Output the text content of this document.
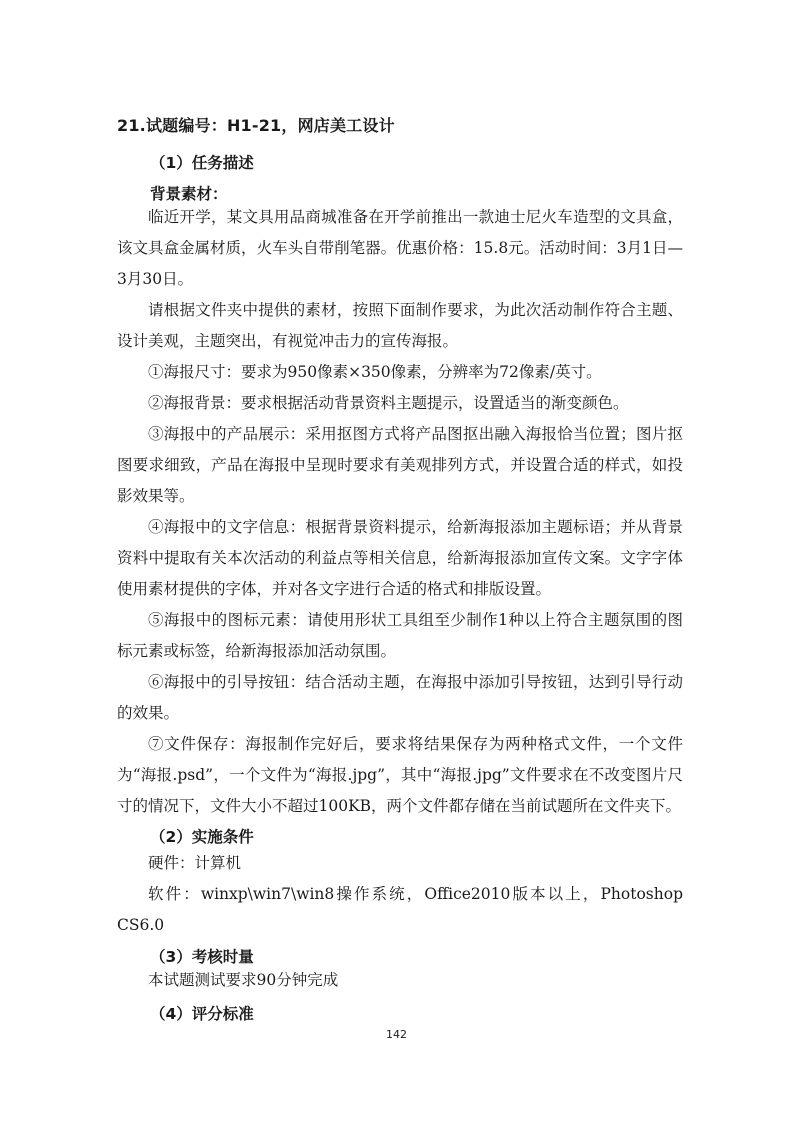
21.试题编号：H1-21，网店美工设计
（1）任务描述
背景素材：

临近开学，某文具用品商城准备在开学前推出一款迪士尼火车造型的文具盒，该文具盒金属材质，火车头自带削笔器。优惠价格：15.8元。活动时间：3月1日—3月30日。

请根据文件夹中提供的素材，按照下面制作要求，为此次活动制作符合主题、设计美观，主题突出，有视觉冲击力的宣传海报。

①海报尺寸：要求为950像素×350像素，分辨率为72像素/英寸。

②海报背景：要求根据活动背景资料主题提示，设置适当的渐变颜色。

③海报中的产品展示：采用抠图方式将产品图抠出融入海报恰当位置；图片抠图要求细致，产品在海报中呈现时要求有美观排列方式，并设置合适的样式，如投影效果等。

④海报中的文字信息：根据背景资料提示，给新海报添加主题标语；并从背景资料中提取有关本次活动的利益点等相关信息，给新海报添加宣传文案。文字字体使用素材提供的字体，并对各文字进行合适的格式和排版设置。

⑤海报中的图标元素：请使用形状工具组至少制作1种以上符合主题氛围的图标元素或标签，给新海报添加活动氛围。

⑥海报中的引导按钮：结合活动主题，在海报中添加引导按钮，达到引导行动的效果。

⑦文件保存：海报制作完好后，要求将结果保存为两种格式文件，一个文件为“海报.psd”，一个文件为“海报.jpg”，其中“海报.jpg”文件要求在不改变图片尺寸的情况下，文件大小不超过100KB，两个文件都存储在当前试题所在文件夹下。

（2）实施条件

硬件：计算机

软件：winxp\win7\win8操作系统，Office2010版本以上，Photoshop CS6.0

（3）考核时量

本试题测试要求90分钟完成

（4）评分标准
142
